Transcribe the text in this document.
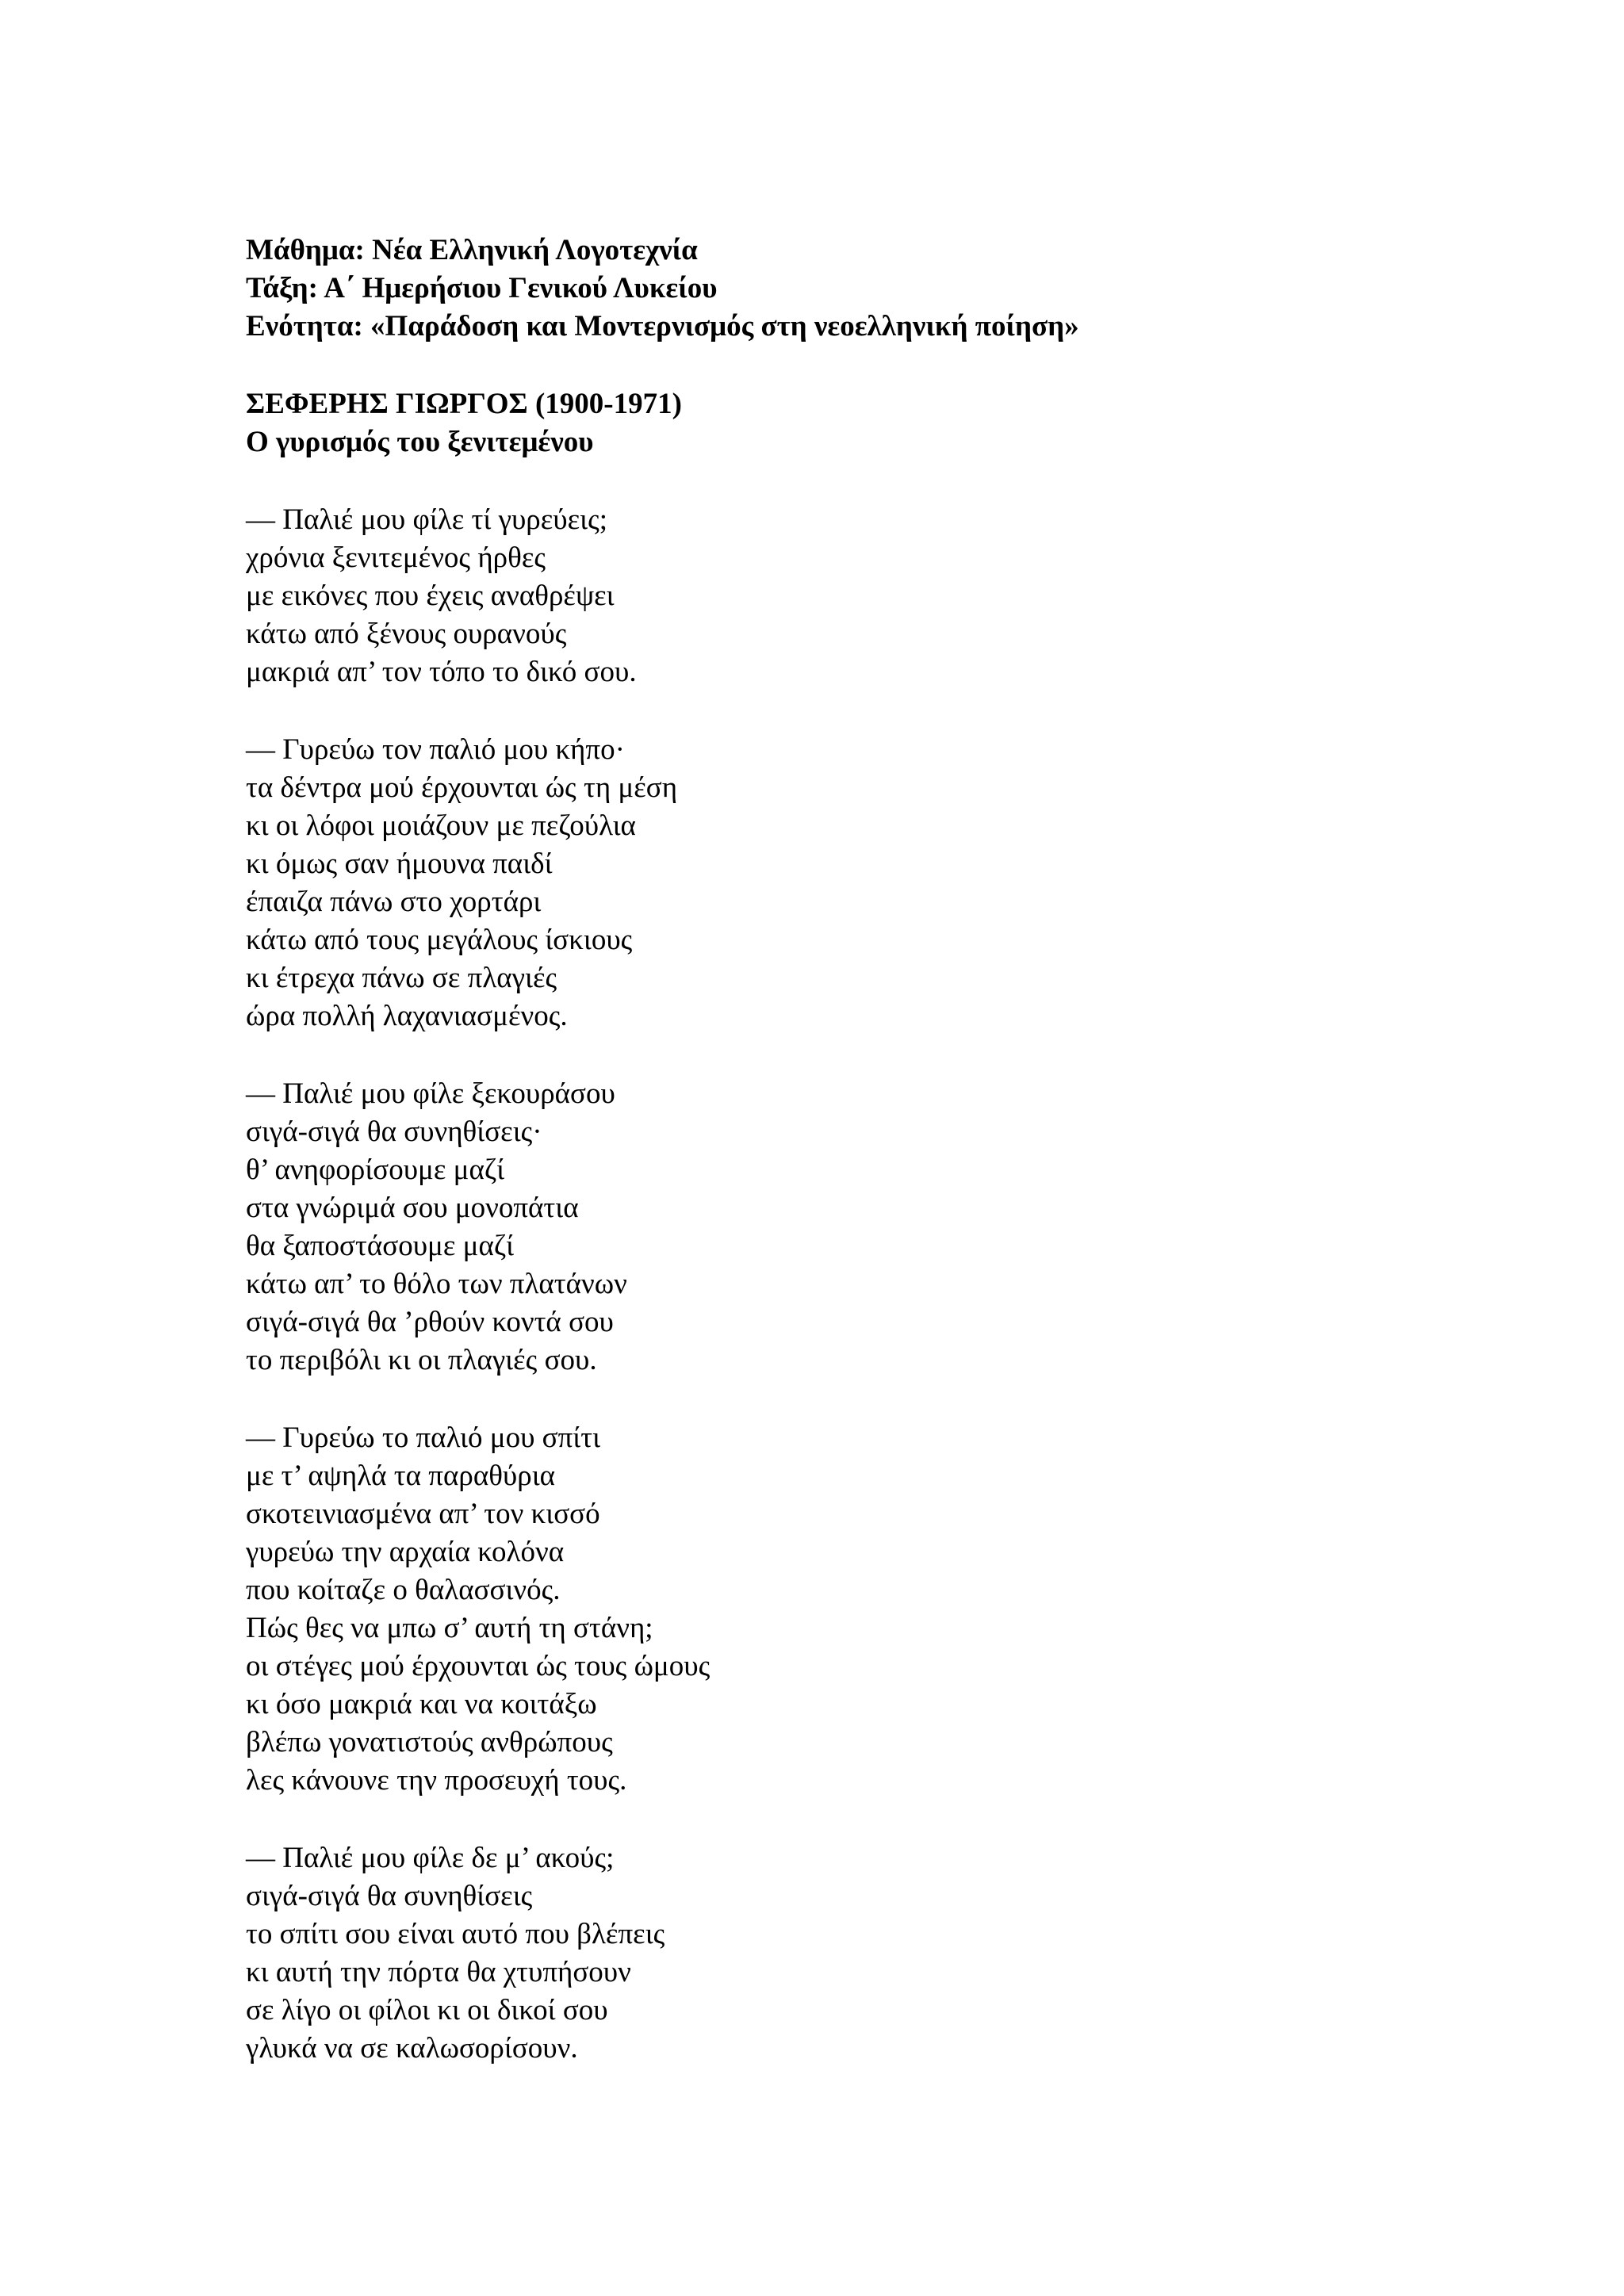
Μάθημα: Νέα Ελληνική Λογοτεχνία
Τάξη: Α΄ Ημερήσιου Γενικού Λυκείου
Ενότητα: «Παράδοση και Μοντερνισμός στη νεοελληνική ποίηση»
ΣΕΦΕΡΗΣ ΓΙΩΡΓΟΣ (1900-1971)
Ο γυρισμός του ξενιτεμένου
— Παλιέ μου φίλε τί γυρεύεις;
χρόνια ξενιτεμένος ήρθες
με εικόνες που έχεις αναθρέψει
κάτω από ξένους ουρανούς
μακριά απ’ τον τόπο το δικό σου.
— Γυρεύω τον παλιό μου κήπο·
τα δέντρα μού έρχουνται ώς τη μέση
κι οι λόφοι μοιάζουν με πεζούλια
κι όμως σαν ήμουνα παιδί
έπαιζα πάνω στο χορτάρι
κάτω από τους μεγάλους ίσκιους
κι έτρεχα πάνω σε πλαγιές
ώρα πολλή λαχανιασμένος.
— Παλιέ μου φίλε ξεκουράσου
σιγά-σιγά θα συνηθίσεις·
θ’ ανηφορίσουμε μαζί
στα γνώριμά σου μονοπάτια
θα ξαποστάσουμε μαζί
κάτω απ’ το θόλο των πλατάνων
σιγά-σιγά θα ’ρθούν κοντά σου
το περιβόλι κι οι πλαγιές σου.
— Γυρεύω το παλιό μου σπίτι
με τ’ αψηλά τα παραθύρια
σκοτεινιασμένα απ’ τον κισσό
γυρεύω την αρχαία κολόνα
που κοίταζε ο θαλασσινός.
Πώς θες να μπω σ’ αυτή τη στάνη;
οι στέγες μού έρχουνται ώς τους ώμους
κι όσο μακριά και να κοιτάξω
βλέπω γονατιστούς ανθρώπους
λες κάνουνε την προσευχή τους.
— Παλιέ μου φίλε δε μ’ ακούς;
σιγά-σιγά θα συνηθίσεις
το σπίτι σου είναι αυτό που βλέπεις
κι αυτή την πόρτα θα χτυπήσουν
σε λίγο οι φίλοι κι οι δικοί σου
γλυκά να σε καλωσορίσουν.
